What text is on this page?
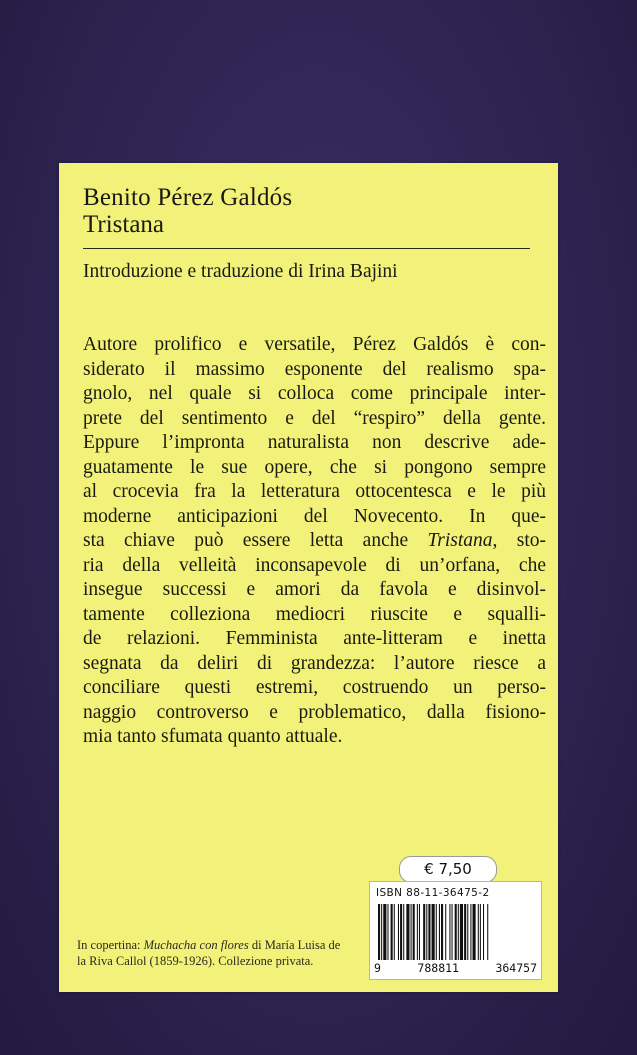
Benito Pérez Galdós
Tristana
Introduzione e traduzione di Irina Bajini
Autore prolifico e versatile, Pérez Galdós è con-
siderato il massimo esponente del realismo spa-
gnolo, nel quale si colloca come principale inter-
prete del sentimento e del “respiro” della gente.
Eppure l’impronta naturalista non descrive ade-
guatamente le sue opere, che si pongono sempre
al crocevia fra la letteratura ottocentesca e le più
moderne anticipazioni del Novecento. In que-
sta chiave può essere letta anche Tristana, sto-
ria della velleità inconsapevole di un’orfana, che
insegue successi e amori da favola e disinvol-
tamente colleziona mediocri riuscite e squalli-
de relazioni. Femminista ante-litteram e inetta
segnata da deliri di grandezza: l’autore riesce a
conciliare questi estremi, costruendo un perso-
naggio controverso e problematico, dalla fisiono-
mia tanto sfumata quanto attuale.
€ 7,50
ISBN 88-11-36475-2
9	788811	364757
In copertina: Muchacha con flores di María Luisa de la Riva Callol (1859-1926). Collezione privata.
